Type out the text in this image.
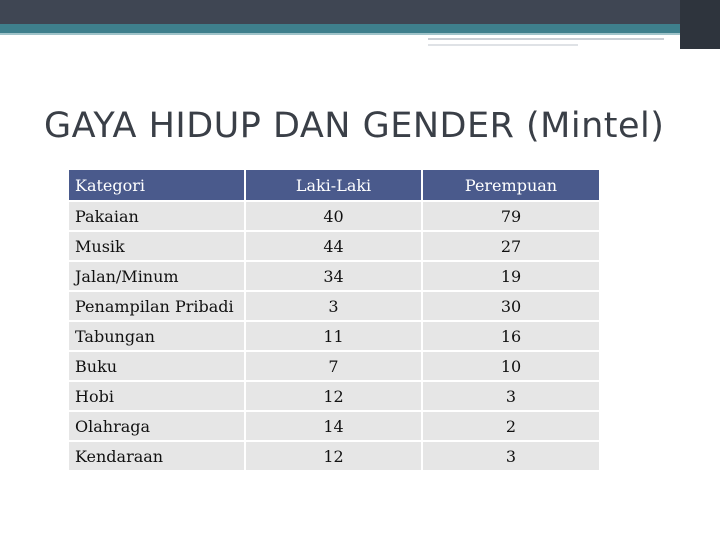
GAYA HIDUP DAN GENDER (Mintel)
Kategori	Laki-Laki	Perempuan
Pakaian	40	79
Musik	44	27
Jalan/Minum	34	19
Penampilan Pribadi	3	30
Tabungan	11	16
Buku	7	10
Hobi	12	3
Olahraga	14	2
Kendaraan	12	3
